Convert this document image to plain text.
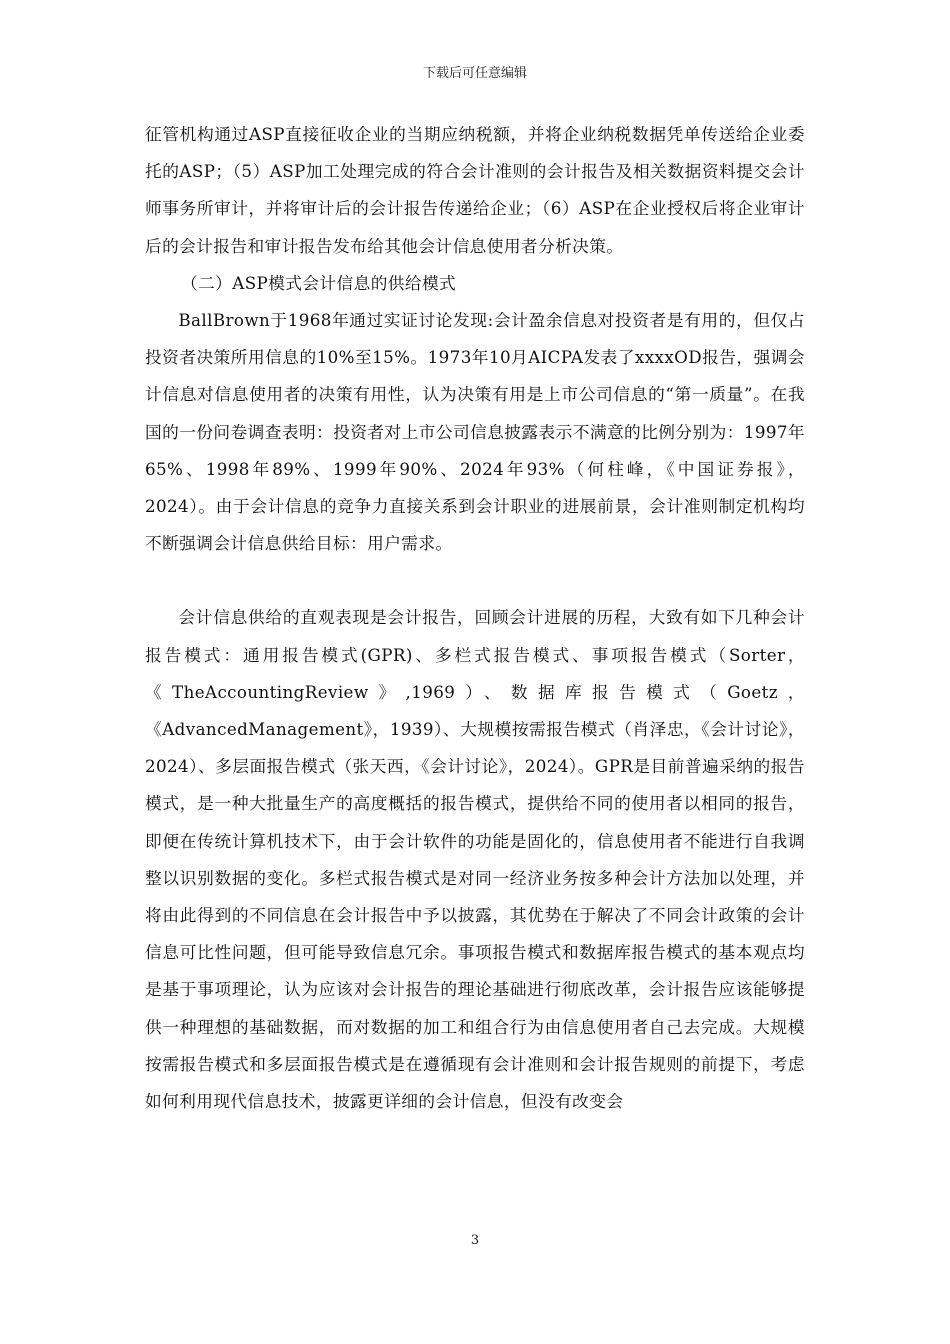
下载后可任意编辑

征管机构通过ASP直接征收企业的当期应纳税额，并将企业纳税数据凭单传送给企业委托的ASP；（5）ASP加工处理完成的符合会计准则的会计报告及相关数据资料提交会计师事务所审计，并将审计后的会计报告传递给企业；（6）ASP在企业授权后将企业审计后的会计报告和审计报告发布给其他会计信息使用者分析决策。

（二）ASP模式会计信息的供给模式

BallBrown于1968年通过实证讨论发现:会计盈余信息对投资者是有用的，但仅占投资者决策所用信息的10%至15%。1973年10月AICPA发表了xxxxOD报告，强调会计信息对信息使用者的决策有用性，认为决策有用是上市公司信息的“第一质量”。在我国的一份问卷调查表明：投资者对上市公司信息披露表示不满意的比例分别为：1997年65%、1998年89%、1999年90%、2024年93%（何柱峰，《中国证券报》，2024）。由于会计信息的竞争力直接关系到会计职业的进展前景，会计准则制定机构均不断强调会计信息供给目标：用户需求。

会计信息供给的直观表现是会计报告，回顾会计进展的历程，大致有如下几种会计报告模式：通用报告模式(GPR)、多栏式报告模式、事项报告模式（Sorter，《TheAccountingReview》,1969）、数据库报告模式（Goetz，《AdvancedManagement》，1939）、大规模按需报告模式（肖泽忠，《会计讨论》，2024）、多层面报告模式（张天西，《会计讨论》，2024）。GPR是目前普遍采纳的报告模式，是一种大批量生产的高度概括的报告模式，提供给不同的使用者以相同的报告，即便在传统计算机技术下，由于会计软件的功能是固化的，信息使用者不能进行自我调整以识别数据的变化。多栏式报告模式是对同一经济业务按多种会计方法加以处理，并将由此得到的不同信息在会计报告中予以披露，其优势在于解决了不同会计政策的会计信息可比性问题，但可能导致信息冗余。事项报告模式和数据库报告模式的基本观点均是基于事项理论，认为应该对会计报告的理论基础进行彻底改革，会计报告应该能够提供一种理想的基础数据，而对数据的加工和组合行为由信息使用者自己去完成。大规模按需报告模式和多层面报告模式是在遵循现有会计准则和会计报告规则的前提下，考虑如何利用现代信息技术，披露更详细的会计信息，但没有改变会

3
